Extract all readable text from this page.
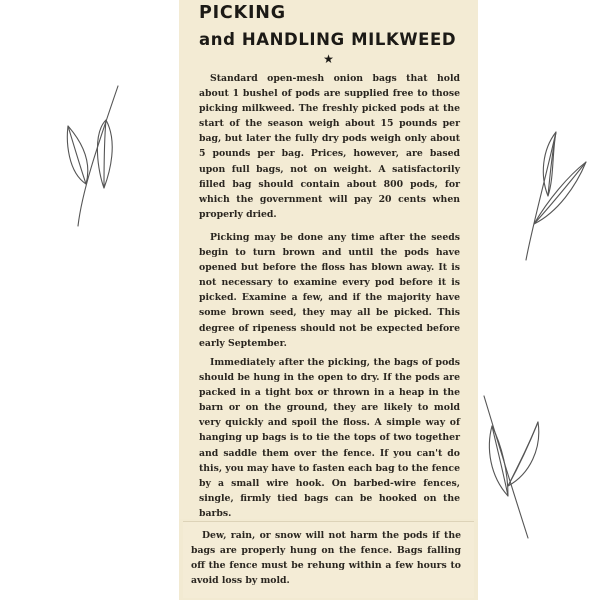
PICKING
and HANDLING MILKWEED
★

Standard open-mesh onion bags that hold about 1 bushel of pods are supplied free to those picking milkweed. The freshly picked pods at the start of the season weigh about 15 pounds per bag, but later the fully dry pods weigh only about 5 pounds per bag. Prices, however, are based upon full bags, not on weight. A satisfactorily filled bag should contain about 800 pods, for which the government will pay 20 cents when properly dried.

Picking may be done any time after the seeds begin to turn brown and until the pods have opened but before the floss has blown away. It is not necessary to examine every pod before it is picked. Examine a few, and if the majority have some brown seed, they may all be picked. This degree of ripeness should not be expected before early September.

Immediately after the picking, the bags of pods should be hung in the open to dry. If the pods are packed in a tight box or thrown in a heap in the barn or on the ground, they are likely to mold very quickly and spoil the floss. A simple way of hanging up bags is to tie the tops of two together and saddle them over the fence. If you can't do this, you may have to fasten each bag to the fence by a small wire hook. On barbed-wire fences, single, firmly tied bags can be hooked on the barbs.

Dew, rain, or snow will not harm the pods if the bags are properly hung on the fence. Bags falling off the fence must be rehung within a few hours to avoid loss by mold.
